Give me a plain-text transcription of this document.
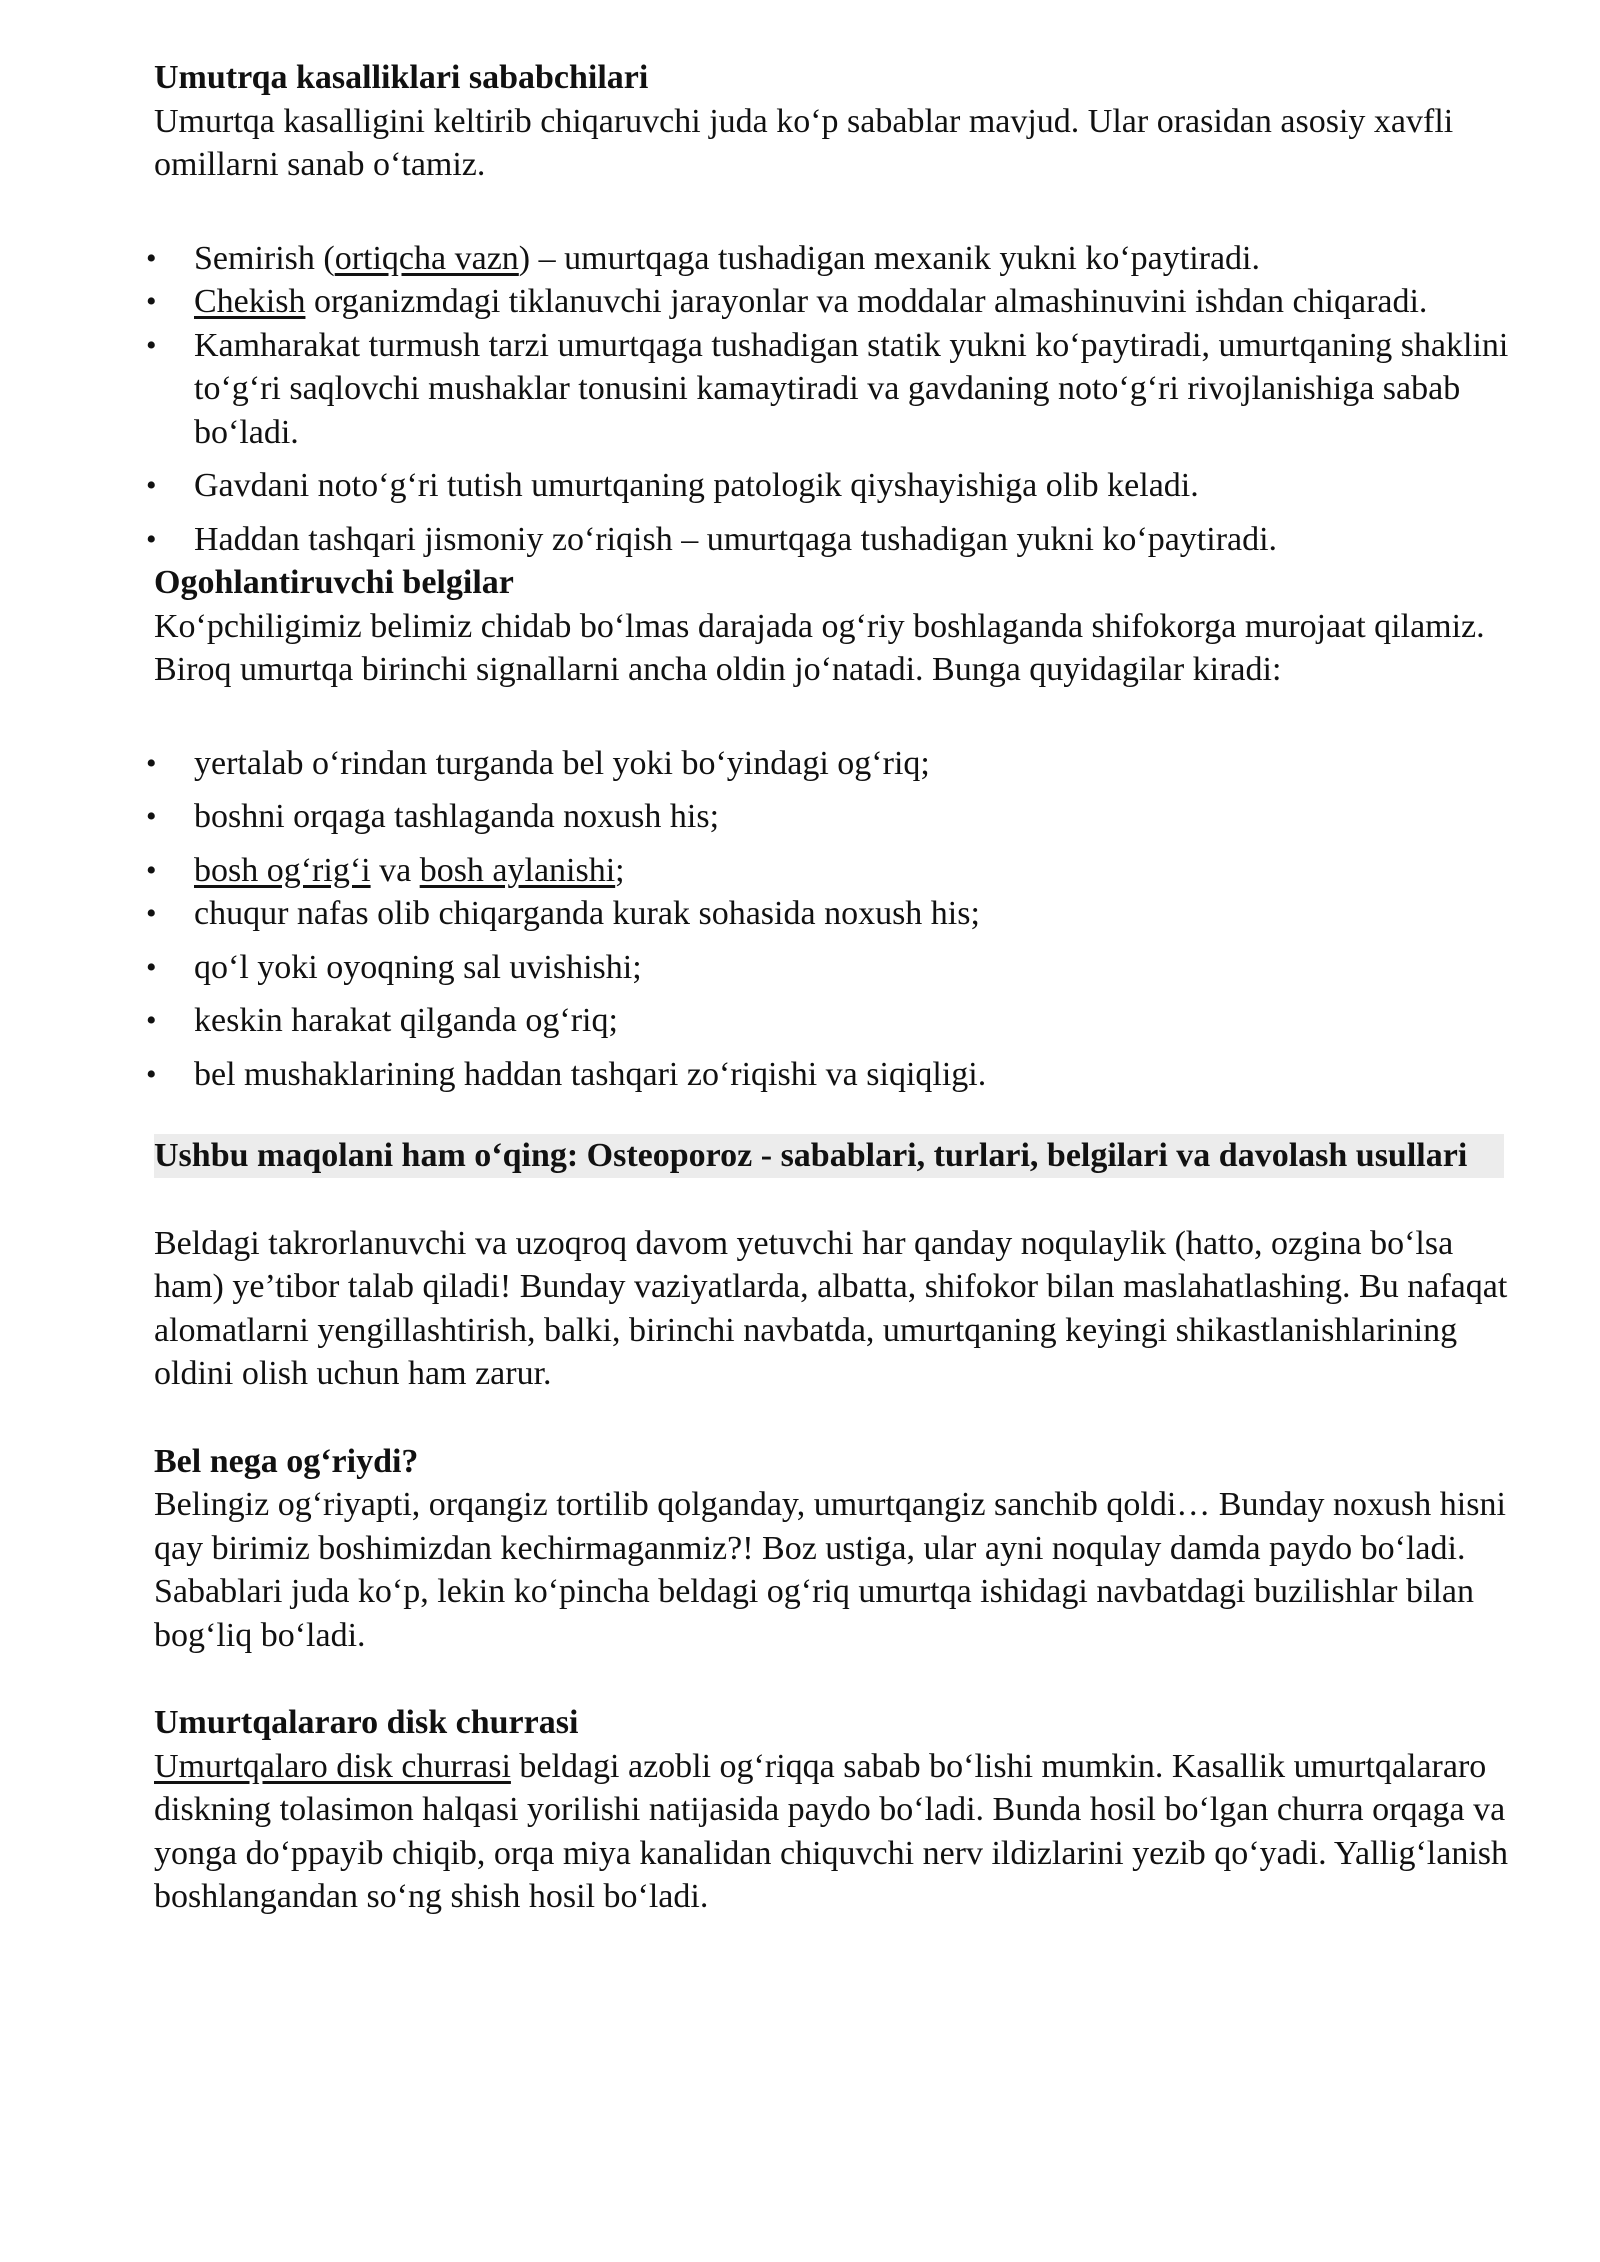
Umutrqa kasalliklari sababchilari

Umurtqa kasalligini keltirib chiqaruvchi juda ko‘p sabablar mavjud. Ular orasidan asosiy xavfli omillarni sanab o‘tamiz.

• Semirish (ortiqcha vazn) – umurtqaga tushadigan mexanik yukni ko‘paytiradi.
• Chekish organizmdagi tiklanuvchi jarayonlar va moddalar almashinuvini ishdan chiqaradi.
• Kamharakat turmush tarzi umurtqaga tushadigan statik yukni ko‘paytiradi, umurtqaning shaklini to‘g‘ri saqlovchi mushaklar tonusini kamaytiradi va gavdaning noto‘g‘ri rivojlanishiga sabab bo‘ladi.
• Gavdani noto‘g‘ri tutish umurtqaning patologik qiyshayishiga olib keladi.
• Haddan tashqari jismoniy zo‘riqish – umurtqaga tushadigan yukni ko‘paytiradi.
Ogohlantiruvchi belgilar

Ko‘pchiligimiz belimiz chidab bo‘lmas darajada og‘riy boshlaganda shifokorga murojaat qilamiz. Biroq umurtqa birinchi signallarni ancha oldin jo‘natadi. Bunga quyidagilar kiradi:

• yertalab o‘rindan turganda bel yoki bo‘yindagi og‘riq;
• boshni orqaga tashlaganda noxush his;
• bosh og‘rig‘i va bosh aylanishi;
• chuqur nafas olib chiqarganda kurak sohasida noxush his;
• qo‘l yoki oyoqning sal uvishishi;
• keskin harakat qilganda og‘riq;
• bel mushaklarining haddan tashqari zo‘riqishi va siqiqligi.
Ushbu maqolani ham o‘qing: Osteoporoz - sabablari, turlari, belgilari va davolash usullari

Beldagi takrorlanuvchi va uzoqroq davom yetuvchi har qanday noqulaylik (hatto, ozgina bo‘lsa ham) ye’tibor talab qiladi! Bunday vaziyatlarda, albatta, shifokor bilan maslahatlashing. Bu nafaqat alomatlarni yengillashtirish, balki, birinchi navbatda, umurtqaning keyingi shikastlanishlarining oldini olish uchun ham zarur.

Bel nega og‘riydi?

Belingiz og‘riyapti, orqangiz tortilib qolganday, umurtqangiz sanchib qoldi… Bunday noxush hisni qay birimiz boshimizdan kechirmaganmiz?! Boz ustiga, ular ayni noqulay damda paydo bo‘ladi. Sabablari juda ko‘p, lekin ko‘pincha beldagi og‘riq umurtqa ishidagi navbatdagi buzilishlar bilan bog‘liq bo‘ladi.

Umurtqalararo disk churrasi

Umurtqalaro disk churrasi beldagi azobli og‘riqqa sabab bo‘lishi mumkin. Kasallik umurtqalararo diskning tolasimon halqasi yorilishi natijasida paydo bo‘ladi. Bunda hosil bo‘lgan churra orqaga va yonga do‘ppayib chiqib, orqa miya kanalidan chiquvchi nerv ildizlarini yezib qo‘yadi. Yallig‘lanish boshlangandan so‘ng shish hosil bo‘ladi.
